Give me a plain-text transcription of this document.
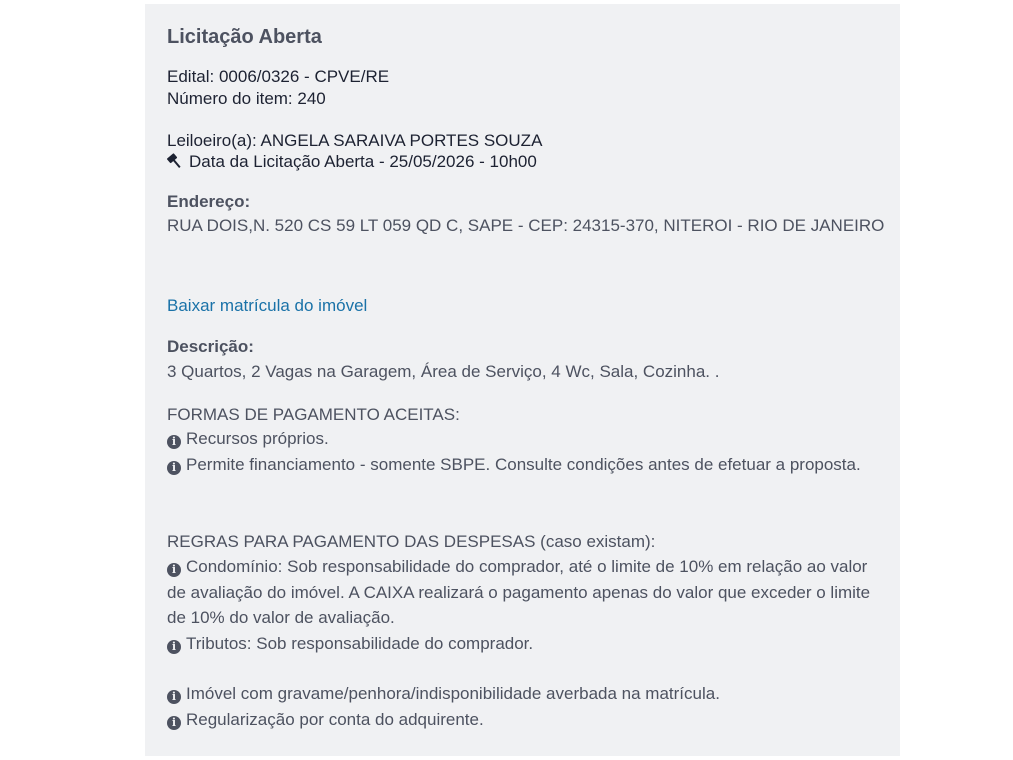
Licitação Aberta
Edital: 0006/0326 - CPVE/RE
Número do item: 240
Leiloeiro(a): ANGELA SARAIVA PORTES SOUZA
Data da Licitação Aberta - 25/05/2026 - 10h00
Endereço:
RUA DOIS,N. 520 CS 59 LT 059 QD C, SAPE - CEP: 24315-370, NITEROI - RIO DE JANEIRO
Baixar matrícula do imóvel
Descrição:
3 Quartos, 2 Vagas na Garagem, Área de Serviço, 4 Wc, Sala, Cozinha. .
FORMAS DE PAGAMENTO ACEITAS:
i Recursos próprios.
i Permite financiamento - somente SBPE. Consulte condições antes de efetuar a proposta.
REGRAS PARA PAGAMENTO DAS DESPESAS (caso existam):
i Condomínio: Sob responsabilidade do comprador, até o limite de 10% em relação ao valor de avaliação do imóvel. A CAIXA realizará o pagamento apenas do valor que exceder o limite de 10% do valor de avaliação.
i Tributos: Sob responsabilidade do comprador.
i Imóvel com gravame/penhora/indisponibilidade averbada na matrícula.
i Regularização por conta do adquirente.
